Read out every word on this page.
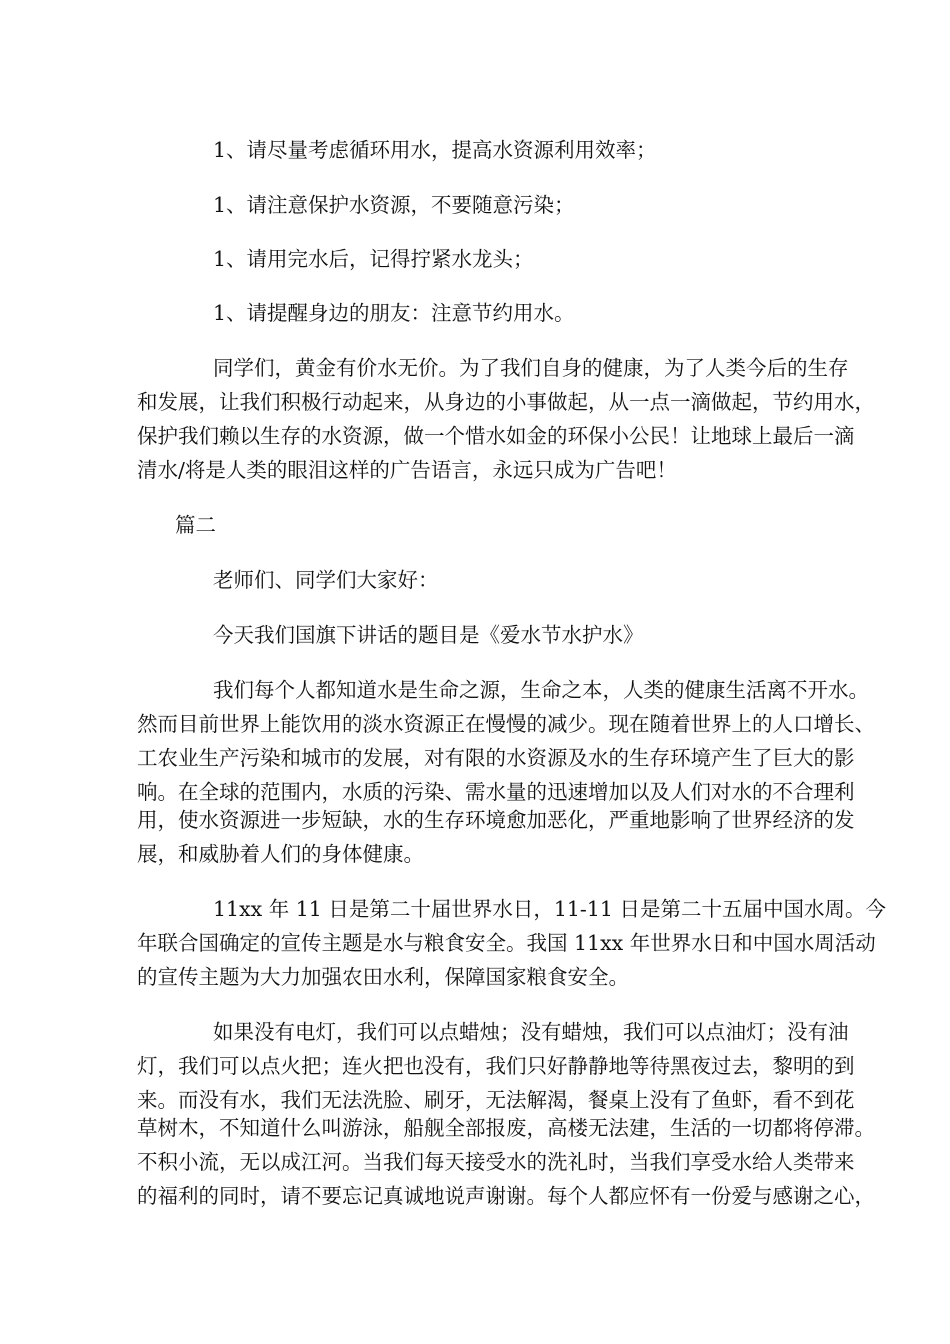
1、请尽量考虑循环用水，提高水资源利用效率；
1、请注意保护水资源，不要随意污染；
1、请用完水后，记得拧紧水龙头；
1、请提醒身边的朋友：注意节约用水。
同学们，黄金有价水无价。为了我们自身的健康，为了人类今后的生存
和发展，让我们积极行动起来，从身边的小事做起，从一点一滴做起，节约用水，
保护我们赖以生存的水资源，做一个惜水如金的环保小公民！让地球上最后一滴
清水/将是人类的眼泪这样的广告语言，永远只成为广告吧！
篇二
老师们、同学们大家好：
今天我们国旗下讲话的题目是《爱水节水护水》
我们每个人都知道水是生命之源，生命之本，人类的健康生活离不开水。
然而目前世界上能饮用的淡水资源正在慢慢的减少。现在随着世界上的人口增长、
工农业生产污染和城市的发展，对有限的水资源及水的生存环境产生了巨大的影
响。在全球的范围内，水质的污染、需水量的迅速增加以及人们对水的不合理利
用，使水资源进一步短缺，水的生存环境愈加恶化，严重地影响了世界经济的发
展，和威胁着人们的身体健康。
11xx 年 11 日是第二十届世界水日，11-11 日是第二十五届中国水周。今
年联合国确定的宣传主题是水与粮食安全。我国 11xx 年世界水日和中国水周活动
的宣传主题为大力加强农田水利，保障国家粮食安全。
如果没有电灯，我们可以点蜡烛；没有蜡烛，我们可以点油灯；没有油
灯，我们可以点火把；连火把也没有，我们只好静静地等待黑夜过去，黎明的到
来。而没有水，我们无法洗脸、刷牙，无法解渴，餐桌上没有了鱼虾，看不到花
草树木，不知道什么叫游泳，船舰全部报废，高楼无法建，生活的一切都将停滞。
不积小流，无以成江河。当我们每天接受水的洗礼时，当我们享受水给人类带来
的福利的同时，请不要忘记真诚地说声谢谢。每个人都应怀有一份爱与感谢之心，
